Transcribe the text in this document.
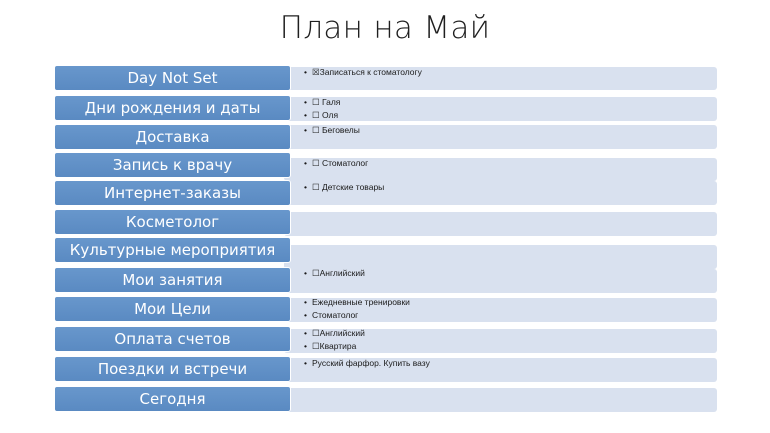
План на Май
Day Not Set	• ☒Записаться к стоматологу
Дни рождения и даты	• ☐ Галя
• ☐ Оля
Доставка	• ☐ Беговелы
Запись к врачу	• ☐ Стоматолог
Интернет-заказы	• ☐ Детские товары
Косметолог
Культурные мероприятия
Мои занятия	• ☐Английский
Мои Цели	• Ежедневные тренировки
• Стоматолог
Оплата счетов	• ☐Английский
• ☐Квартира
Поездки и встречи	• Русский фарфор. Купить вазу
Сегодня
